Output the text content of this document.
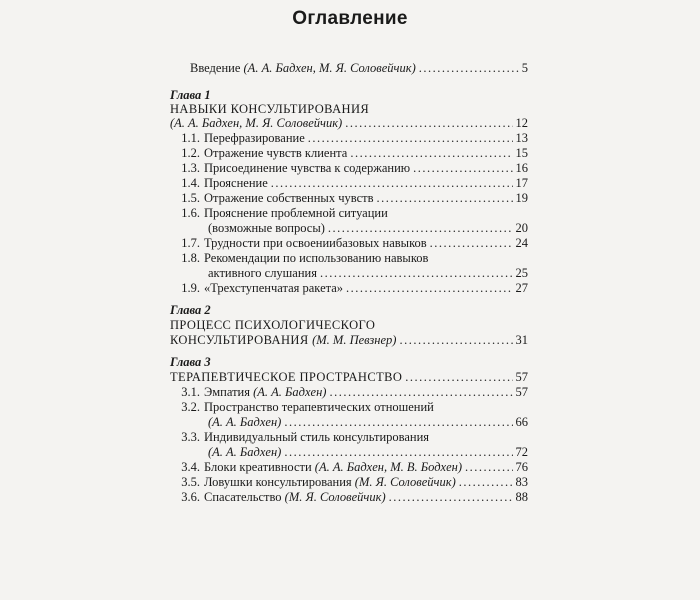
Оглавление
Введение (А. А. Бадхен, М. Я. Соловейчик) .....	5
Глава 1
НАВЫКИ КОНСУЛЬТИРОВАНИЯ
(А. А. Бадхен, М. Я. Соловейчик) .....	12
1.1. Перефразирование .....	13
1.2. Отражение чувств клиента .....	15
1.3. Присоединение чувства к содержанию .....	16
1.4. Прояснение .....	17
1.5. Отражение собственных чувств .....	19
1.6. Прояснение проблемной ситуации
(возможные вопросы) .....	20
1.7. Трудности при освоениибазовых навыков .....	24
1.8. Рекомендации по использованию навыков
активного слушания .....	25
1.9. «Трехступенчатая ракета» .....	27
Глава 2
ПРОЦЕСС ПСИХОЛОГИЧЕСКОГО
КОНСУЛЬТИРОВАНИЯ (М. М. Певзнер) .....	31
Глава 3
ТЕРАПЕВТИЧЕСКОЕ ПРОСТРАНСТВО .....	57
3.1. Эмпатия (А. А. Бадхен) .....	57
3.2. Пространство терапевтических отношений
(А. А. Бадхен) .....	66
3.3. Индивидуальный стиль консультирования
(А. А. Бадхен) .....	72
3.4. Блоки креативности (А. А. Бадхен, М. В. Бодхен) .....	76
3.5. Ловушки консультирования (М. Я. Соловейчик) .....	83
3.6. Спасательство (М. Я. Соловейчик) .....	88
